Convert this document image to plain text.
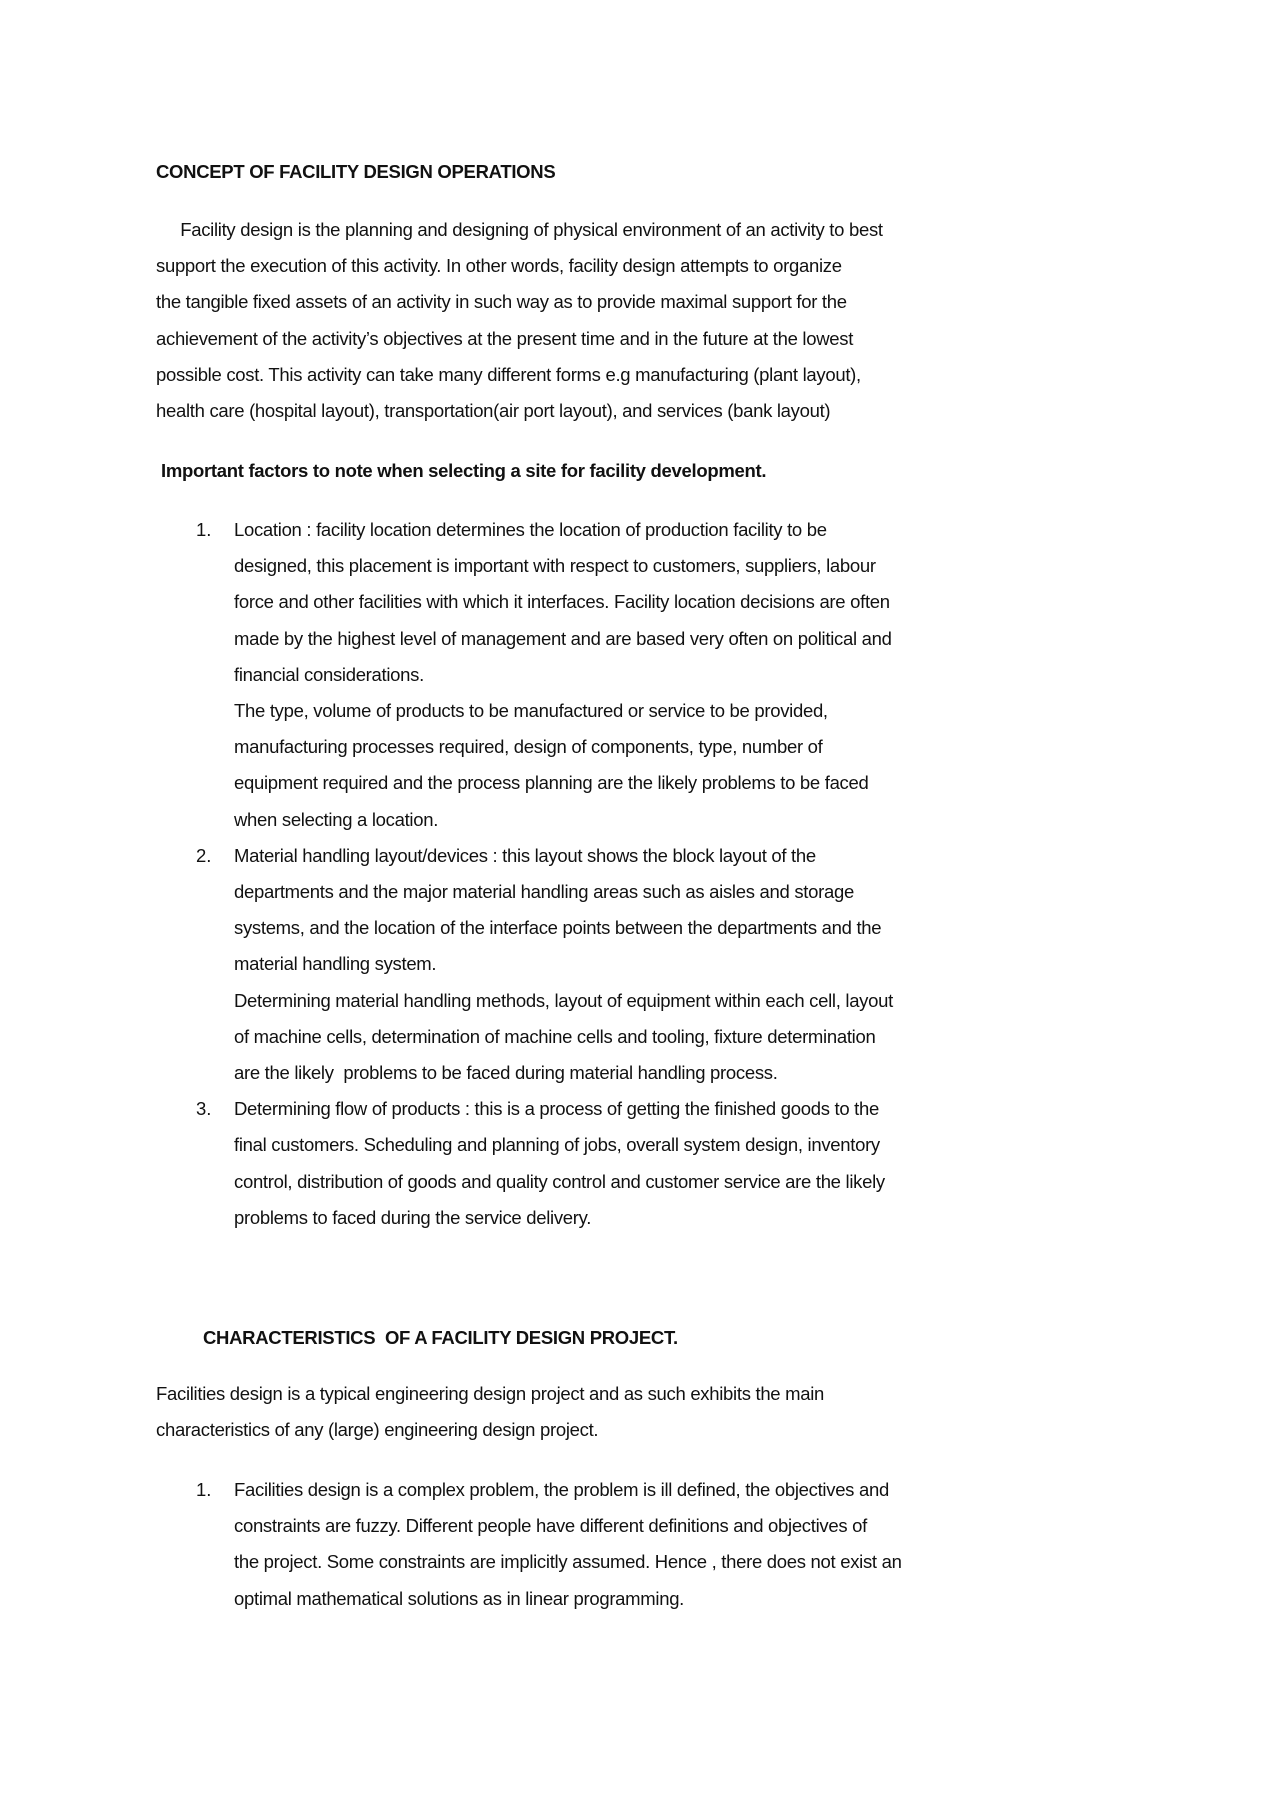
CONCEPT OF FACILITY DESIGN OPERATIONS
Facility design is the planning and designing of physical environment of an activity to best
support the execution of this activity. In other words, facility design attempts to organize
the tangible fixed assets of an activity in such way as to provide maximal support for the
achievement of the activity’s objectives at the present time and in the future at the lowest
possible cost. This activity can take many different forms e.g manufacturing (plant layout),
health care (hospital layout), transportation(air port layout), and services (bank layout)
Important factors to note when selecting a site for facility development.
1.	Location : facility location determines the location of production facility to be
designed, this placement is important with respect to customers, suppliers, labour
force and other facilities with which it interfaces. Facility location decisions are often
made by the highest level of management and are based very often on political and
financial considerations.
The type, volume of products to be manufactured or service to be provided,
manufacturing processes required, design of components, type, number of
equipment required and the process planning are the likely problems to be faced
when selecting a location.
2.	Material handling layout/devices : this layout shows the block layout of the
departments and the major material handling areas such as aisles and storage
systems, and the location of the interface points between the departments and the
material handling system.
Determining material handling methods, layout of equipment within each cell, layout
of machine cells, determination of machine cells and tooling, fixture determination
are the likely  problems to be faced during material handling process.
3.	Determining flow of products : this is a process of getting the finished goods to the
final customers. Scheduling and planning of jobs, overall system design, inventory
control, distribution of goods and quality control and customer service are the likely
problems to faced during the service delivery.
CHARACTERISTICS  OF A FACILITY DESIGN PROJECT.
Facilities design is a typical engineering design project and as such exhibits the main
characteristics of any (large) engineering design project.
1.	Facilities design is a complex problem, the problem is ill defined, the objectives and
constraints are fuzzy. Different people have different definitions and objectives of
the project. Some constraints are implicitly assumed. Hence , there does not exist an
optimal mathematical solutions as in linear programming.
